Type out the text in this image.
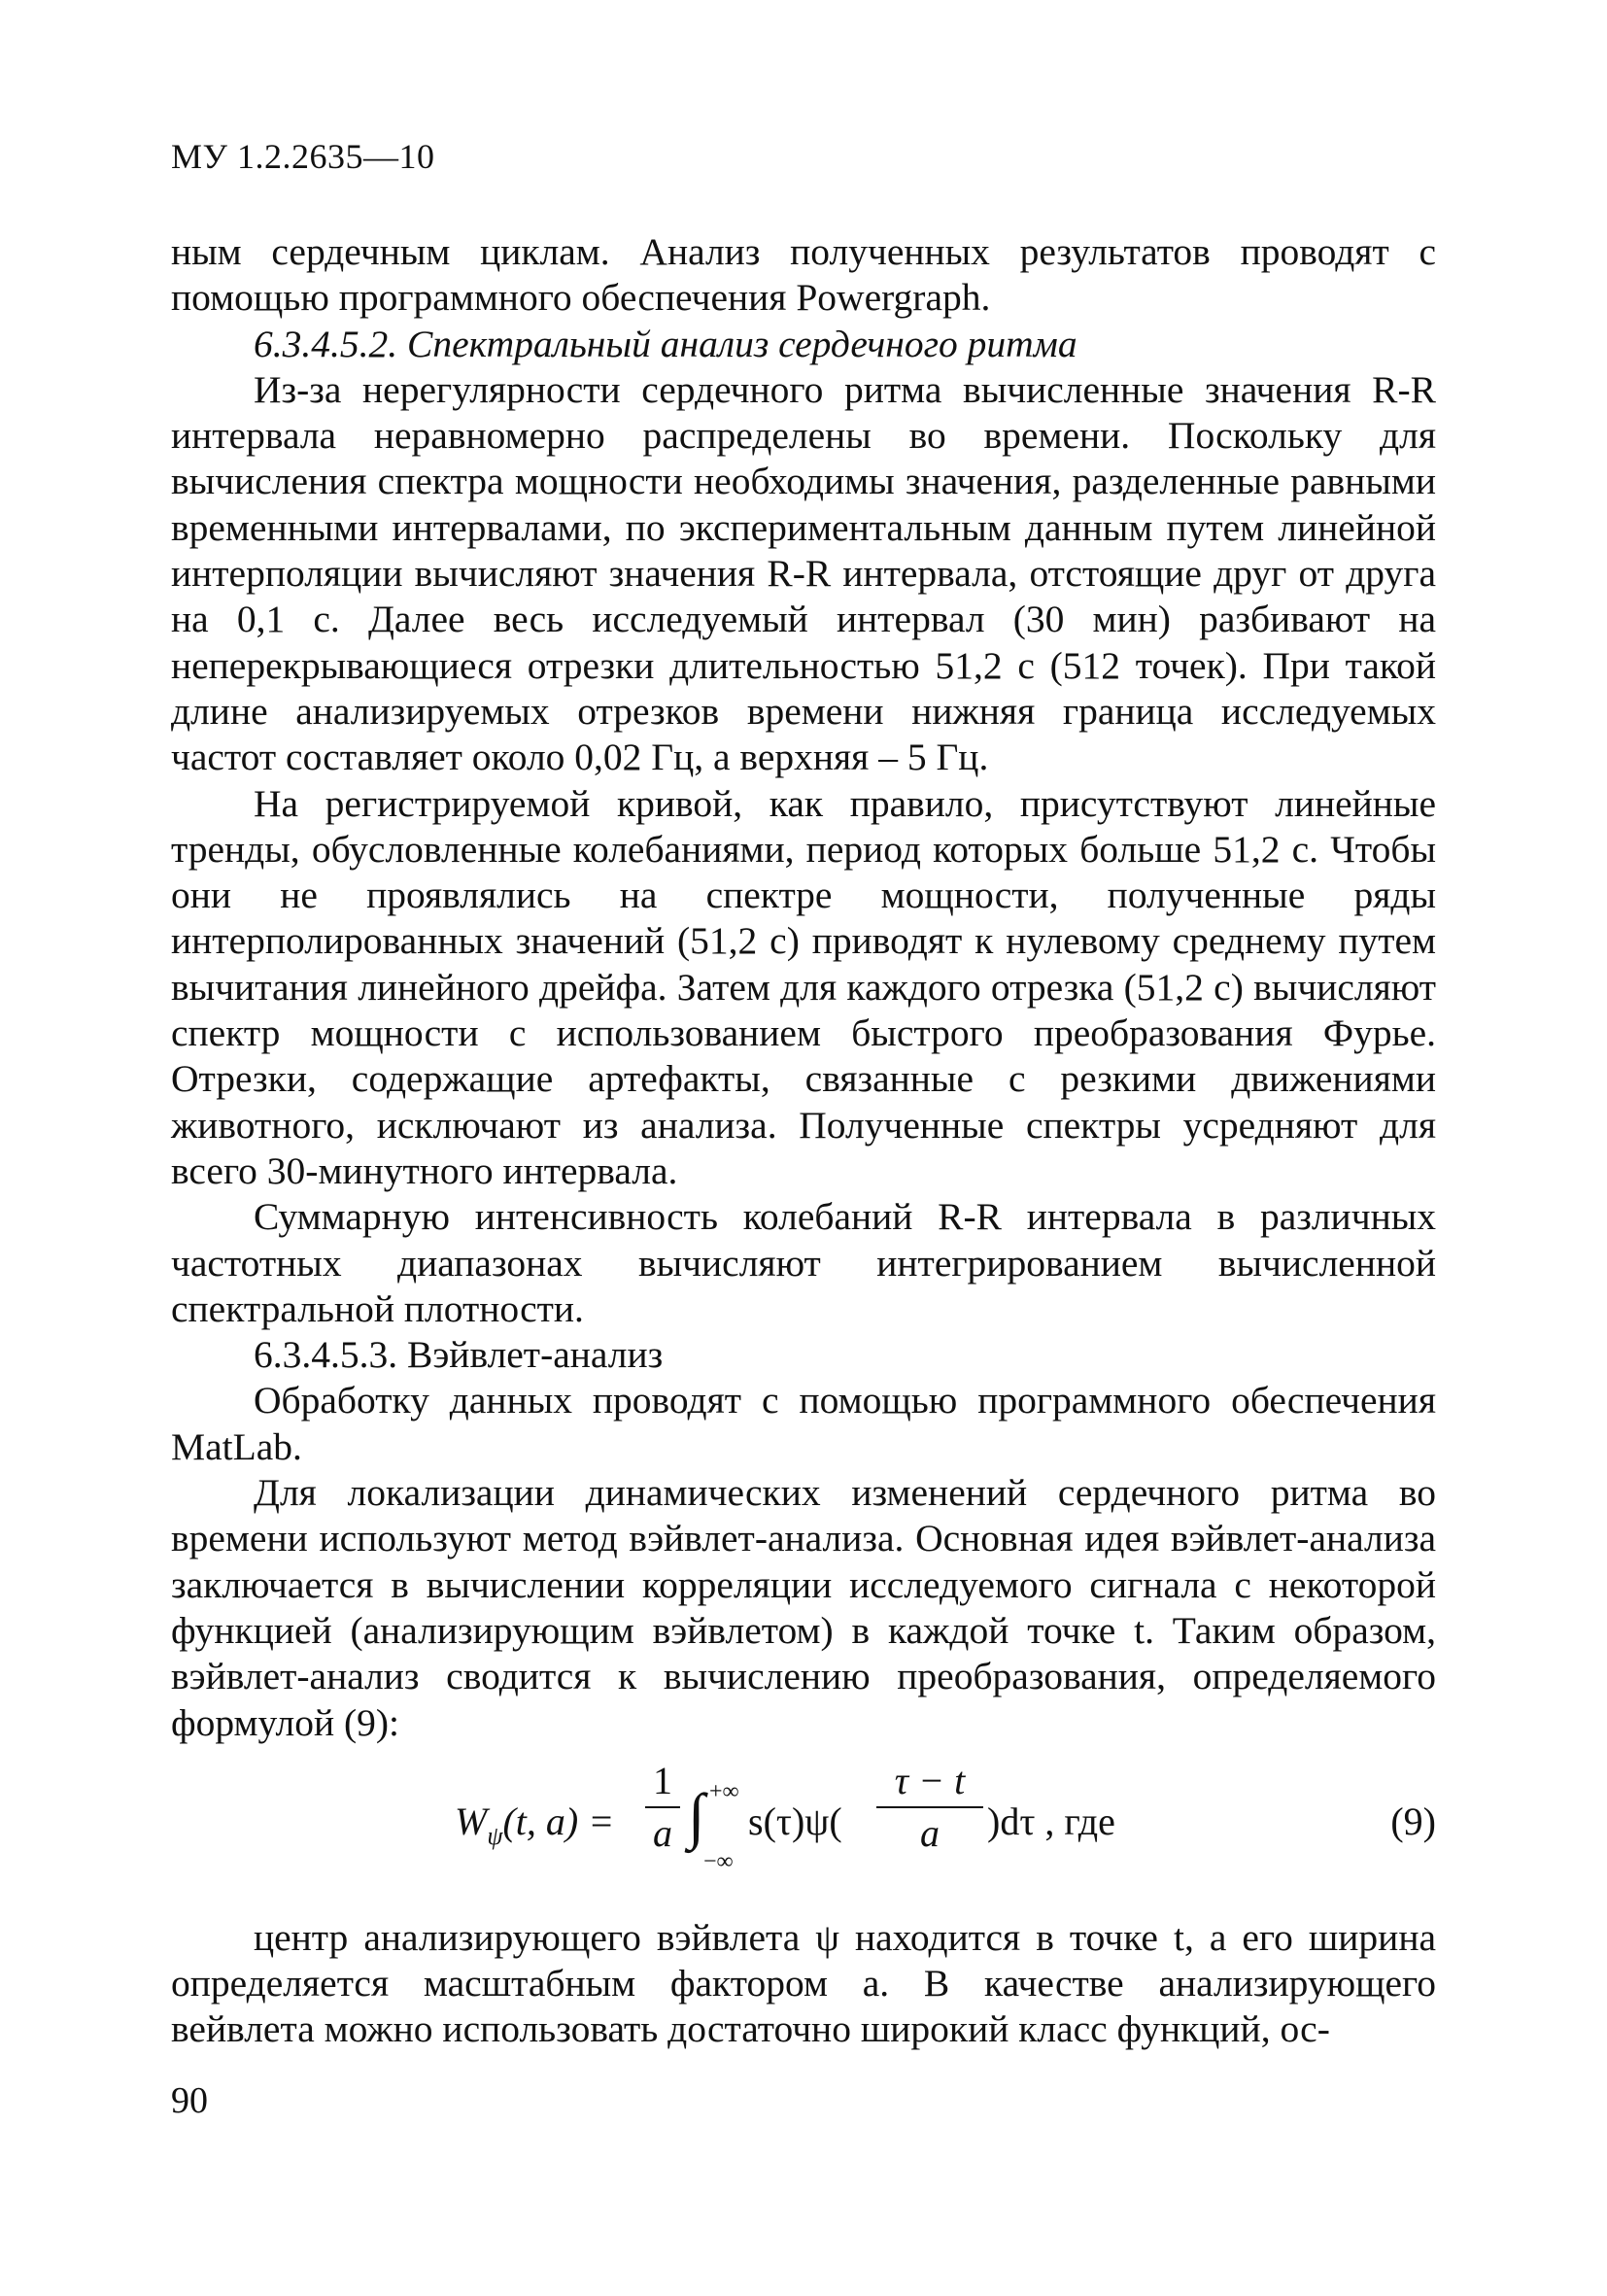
МУ 1.2.2635—10

ным сердечным циклам. Анализ полученных результатов проводят с помощью программного обеспечения Powergraph.

6.3.4.5.2. Спектральный анализ сердечного ритма

Из-за нерегулярности сердечного ритма вычисленные значения R-R интервала неравномерно распределены во времени. Поскольку для вычисления спектра мощности необходимы значения, разделенные равными временными интервалами, по экспериментальным данным путем линейной интерполяции вычисляют значения R-R интервала, отстоящие друг от друга на 0,1 с. Далее весь исследуемый интервал (30 мин) разбивают на неперекрывающиеся отрезки длительностью 51,2 с (512 точек). При такой длине анализируемых отрезков времени нижняя граница исследуемых частот составляет около 0,02 Гц, а верхняя – 5 Гц.

На регистрируемой кривой, как правило, присутствуют линейные тренды, обусловленные колебаниями, период которых больше 51,2 с. Чтобы они не проявлялись на спектре мощности, полученные ряды интерполированных значений (51,2 с) приводят к нулевому среднему путем вычитания линейного дрейфа. Затем для каждого отрезка (51,2 с) вычисляют спектр мощности с использованием быстрого преобразования Фурье. Отрезки, содержащие артефакты, связанные с резкими движениями животного, исключают из анализа. Полученные спектры усредняют для всего 30-минутного интервала.

Суммарную интенсивность колебаний R-R интервала в различных частотных диапазонах вычисляют интегрированием вычисленной спектральной плотности.

6.3.4.5.3. Вэйвлет-анализ

Обработку данных проводят с помощью программного обеспечения MatLab.

Для локализации динамических изменений сердечного ритма во времени используют метод вэйвлет-анализа. Основная идея вэйвлет-анализа заключается в вычислении корреляции исследуемого сигнала с некоторой функцией (анализирующим вэйвлетом) в каждой точке t. Таким образом, вэйвлет-анализ сводится к вычислению преобразования, определяемого формулой (9):

$W_\psi(t$, a) =
1
a ∫ +∞
−∞
s(τ)ψ(
τ − t
a	)dτ , где	(9)

центр анализирующего вэйвлета ψ находится в точке t, а его ширина определяется масштабным фактором a. В качестве анализирующего вейвлета можно использовать достаточно широкий класс функций, ос-

90
